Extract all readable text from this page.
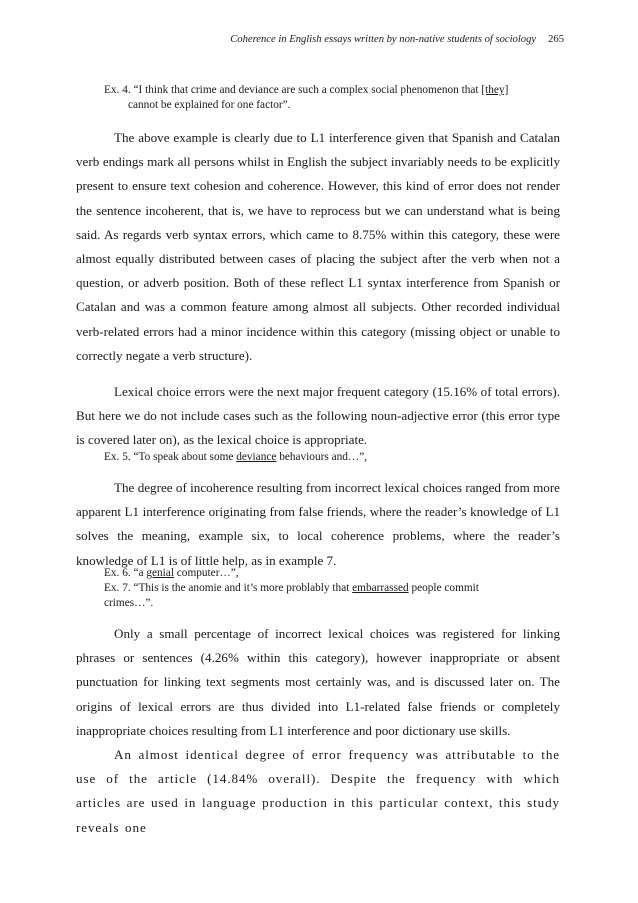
Coherence in English essays written by non-native students of sociology 265
Ex. 4. “I think that crime and deviance are such a complex social phenomenon that [they]
cannot be explained for one factor”.

The above example is clearly due to L1 interference given that Spanish and Catalan verb endings mark all persons whilst in English the subject invariably needs to be explicitly present to ensure text cohesion and coherence. However, this kind of error does not render the sentence incoherent, that is, we have to reprocess but we can understand what is being said. As regards verb syntax errors, which came to 8.75% within this category, these were almost equally distributed between cases of placing the subject after the verb when not a question, or adverb position. Both of these reflect L1 syntax interference from Spanish or Catalan and was a common feature among almost all subjects. Other recorded individual verb-related errors had a minor incidence within this category (missing object or unable to correctly negate a verb structure).

Lexical choice errors were the next major frequent category (15.16% of total errors). But here we do not include cases such as the following noun-adjective error (this error type is covered later on), as the lexical choice is appropriate.

Ex. 5. “To speak about some deviance behaviours and…”,

The degree of incoherence resulting from incorrect lexical choices ranged from more apparent L1 interference originating from false friends, where the reader’s knowledge of L1 solves the meaning, example six, to local coherence problems, where the reader’s knowledge of L1 is of little help, as in example 7.

Ex. 6. “a genial computer…”,
Ex. 7. “This is the anomie and it’s more problably that embarrassed people commit
crimes…”.

Only a small percentage of incorrect lexical choices was registered for linking phrases or sentences (4.26% within this category), however inappropriate or absent punctuation for linking text segments most certainly was, and is discussed later on. The origins of lexical errors are thus divided into L1-related false friends or completely inappropriate choices resulting from L1 interference and poor dictionary use skills.

An almost identical degree of error frequency was attributable to the use of the article (14.84% overall). Despite the frequency with which articles are used in language production in this particular context, this study reveals one
